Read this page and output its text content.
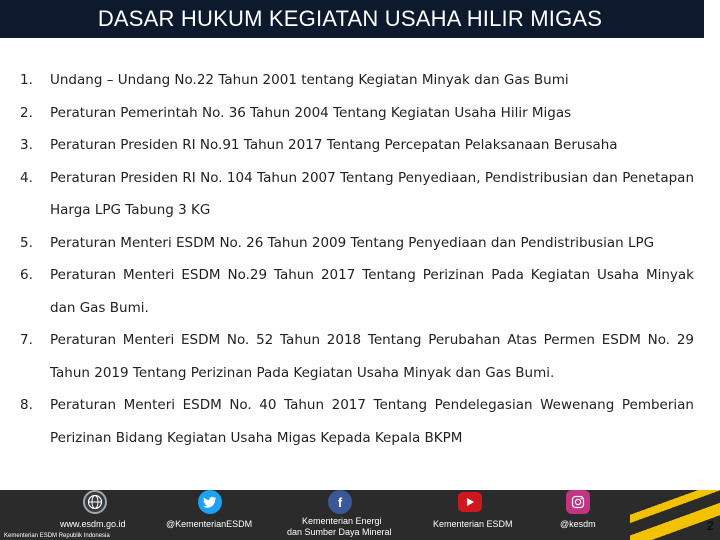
DASAR HUKUM KEGIATAN USAHA HILIR MIGAS
1. Undang – Undang No.22 Tahun 2001 tentang Kegiatan Minyak dan Gas Bumi
2. Peraturan Pemerintah No. 36 Tahun 2004 Tentang Kegiatan Usaha Hilir Migas
3. Peraturan Presiden RI No.91 Tahun 2017 Tentang Percepatan Pelaksanaan Berusaha
4. Peraturan Presiden RI No. 104 Tahun 2007 Tentang Penyediaan, Pendistribusian dan Penetapan Harga LPG Tabung 3 KG
5. Peraturan Menteri ESDM No. 26 Tahun 2009 Tentang Penyediaan dan Pendistribusian LPG
6. Peraturan Menteri ESDM No.29 Tahun 2017 Tentang Perizinan Pada Kegiatan Usaha Minyak dan Gas Bumi.
7. Peraturan Menteri ESDM No. 52 Tahun 2018 Tentang Perubahan Atas Permen ESDM No. 29 Tahun 2019 Tentang Perizinan Pada Kegiatan Usaha Minyak dan Gas Bumi.
8. Peraturan Menteri ESDM No. 40 Tahun 2017 Tentang Pendelegasian Wewenang Pemberian Perizinan Bidang Kegiatan Usaha Migas Kepada Kepala BKPM
www.esdm.go.id	@KementerianESDM
f
Kementerian Energi
dan Sumber Daya Mineral
Kementerian ESDM	@kesdm
Kementerian ESDM Republik Indonesia
2
